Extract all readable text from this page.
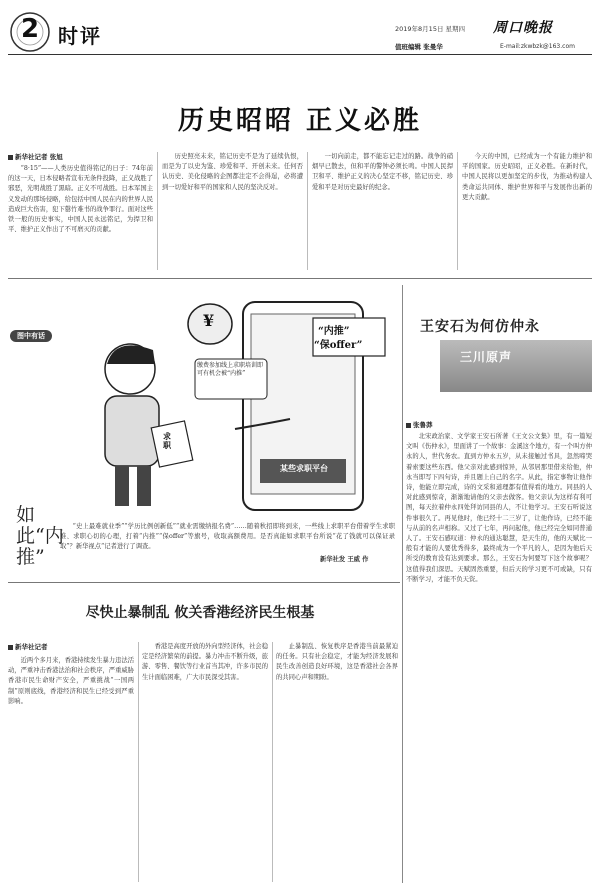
2 时评	2019年8月15日 星期四 周口晚报
值班编辑 张曼华	E-mail:zkwbzk@163.com
历史昭昭 正义必胜
新华社记者 张旭

“8·15”——人类历史值得铭记的日子：74年前的这一天，日本侵略者宣布无条件投降，正义战胜了邪恶，光明战胜了黑暗。正义不可战胜。日本军国主义发动的那场侵略，给包括中国人民在内的世界人民造成巨大伤害，犯下罄竹难书的战争罪行。面对这些铁一般的历史事实，中国人民永远铭记，为捍卫和平、维护正义作出了不可磨灭的贡献。

历史照亮未来，铭记历史不是为了延续仇恨，而是为了以史为鉴、珍爱和平、开创未来。任何否认历史、美化侵略的企图都注定不会得逞，必将遭到一切爱好和平的国家和人民的坚决反对。

一切向前走，都不能忘记走过的路。战争的硝烟早已散去，但和平的警钟必须长鸣。中国人民捍卫和平、维护正义的决心坚定不移，铭记历史、珍爱和平是对历史最好的纪念。

今天的中国，已经成为一个有能力维护和平的国家。历史昭昭，正义必胜。在新时代，中国人民将以更加坚定的步伐，为推动构建人类命运共同体、维护世界和平与发展作出新的更大贡献。

图中有话
如此“内推”
“内推”
“保offer”
¥
缴费参加线上求职培训即可有机会被“内推”
求职
某些求职平台
“史上最难就业季”“学历比例创新低”“就业需缴纳报名费”……随着秋招即将到来，一些线上求职平台借着学生求职难、求职心切的心理，打着“内推”“保offer”等旗号，收取高额费用。是否真能如求职平台所说“花了钱就可以保证录取”？新华视点“记者进行了调查。
新华社发 王威 作
王安石为何仿仲永
三川原声
张鲁莽

北宋政治家、文学家王安石所著《王文公文集》里，有一篇短文叫《伤仲永》，里面讲了一个故事：金溪这个地方，有一个叫方仲永的人，世代务农。直到方仲永五岁，从未接触过书具，忽然啼哭着索要这些东西。他父亲对此感到惊异，从邻居那里借来给他，仲永当即写下四句诗，并且题上自己的名字。从此，指定事物让他作诗，他能立即完成，诗的文采和道理都有值得看的地方。同县的人对此感到惊奇，渐渐地请他的父亲去做客。他父亲认为这样有利可图，每天拉着仲永四处拜访同县的人，不让他学习。王安石听说这件事很久了。再见他时，他已经十二三岁了，让他作诗，已经不能与从前的名声相称。又过了七年，再问起他，他已经完全如同普通人了。王安石感叹道：仲永的通达聪慧，是天生的，他的天赋比一般有才能的人要优秀得多，最终成为一个平凡的人，是因为他后天所受的教育没有达到要求。那么，王安石为何要写下这个故事呢？这值得我们深思。天赋固然重要，但后天的学习更不可或缺，只有不断学习，才能不负天资。

尽快止暴制乱 攸关香港经济民生根基
新华社记者

近两个多月来，香港持续发生暴力违法活动，严重冲击香港法治和社会秩序，严重威胁香港市民生命财产安全，严重挑战“一国两制”原则底线，香港经济和民生已经受到严重影响。

香港是高度开放的外向型经济体，社会稳定是经济繁荣的前提。暴力冲击不断升级，旅游、零售、餐饮等行业首当其冲，许多市民的生计面临困难，广大市民深受其害。

止暴制乱、恢复秩序是香港当前最紧迫的任务。只有社会稳定，才能为经济发展和民生改善创造良好环境，这是香港社会各界的共同心声和期盼。
